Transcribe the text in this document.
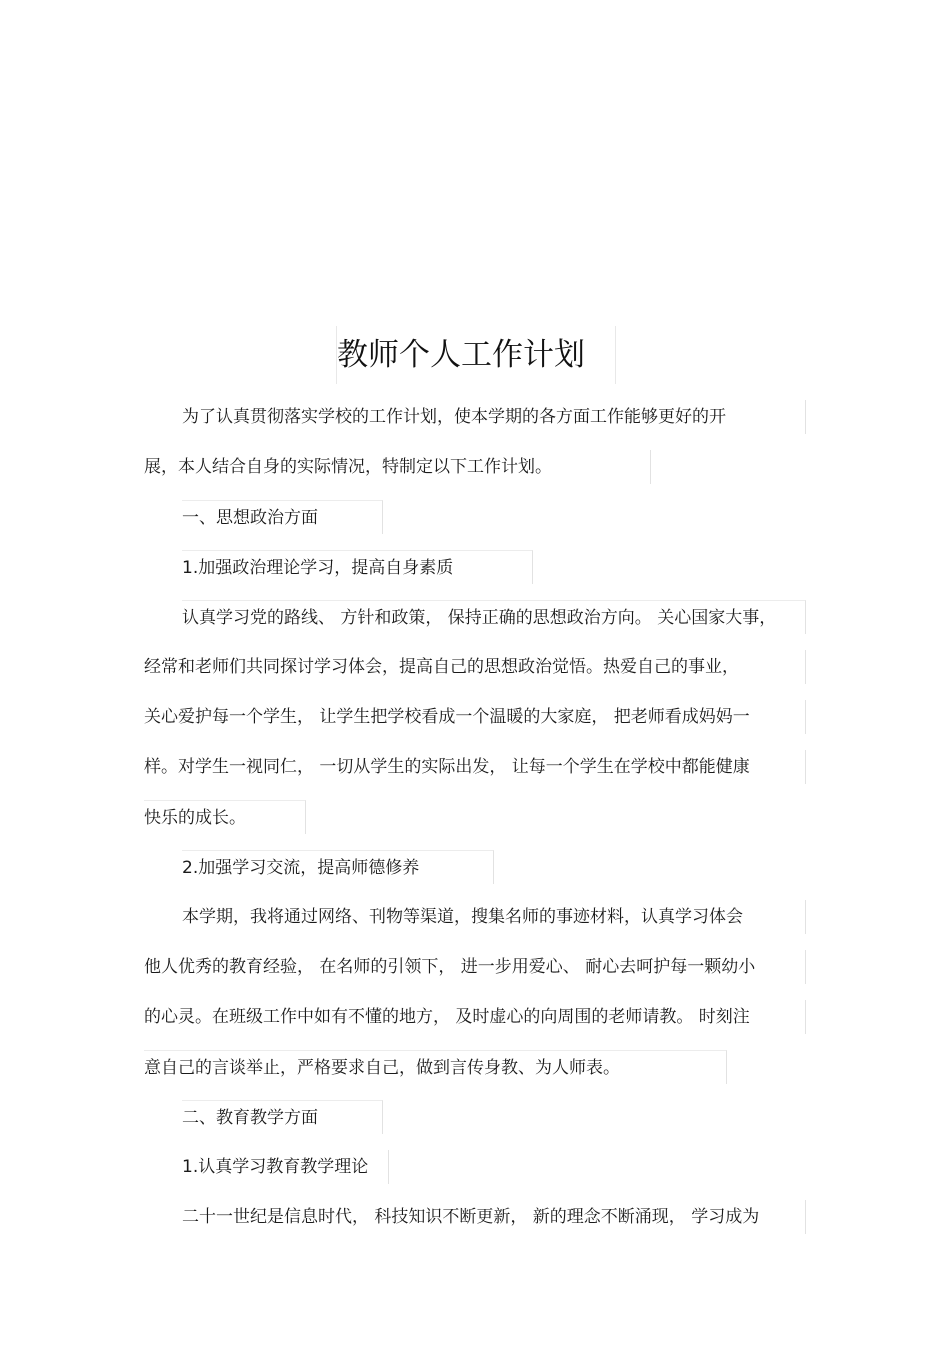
教师个人工作计划
为了认真贯彻落实学校的工作计划，使本学期的各方面工作能够更好的开
展，本人结合自身的实际情况，特制定以下工作计划。
一、思想政治方面
1.加强政治理论学习，提高自身素质
认真学习党的路线、 方针和政策， 保持正确的思想政治方向。 关心国家大事，
经常和老师们共同探讨学习体会，提高自己的思想政治觉悟。热爱自己的事业，
关心爱护每一个学生， 让学生把学校看成一个温暖的大家庭， 把老师看成妈妈一
样。对学生一视同仁， 一切从学生的实际出发， 让每一个学生在学校中都能健康
快乐的成长。
2.加强学习交流，提高师德修养
本学期，我将通过网络、刊物等渠道，搜集名师的事迹材料，认真学习体会
他人优秀的教育经验， 在名师的引领下， 进一步用爱心、 耐心去呵护每一颗幼小
的心灵。在班级工作中如有不懂的地方， 及时虚心的向周围的老师请教。 时刻注
意自己的言谈举止，严格要求自己，做到言传身教、为人师表。
二、教育教学方面
1.认真学习教育教学理论
二十一世纪是信息时代， 科技知识不断更新， 新的理念不断涌现， 学习成为
